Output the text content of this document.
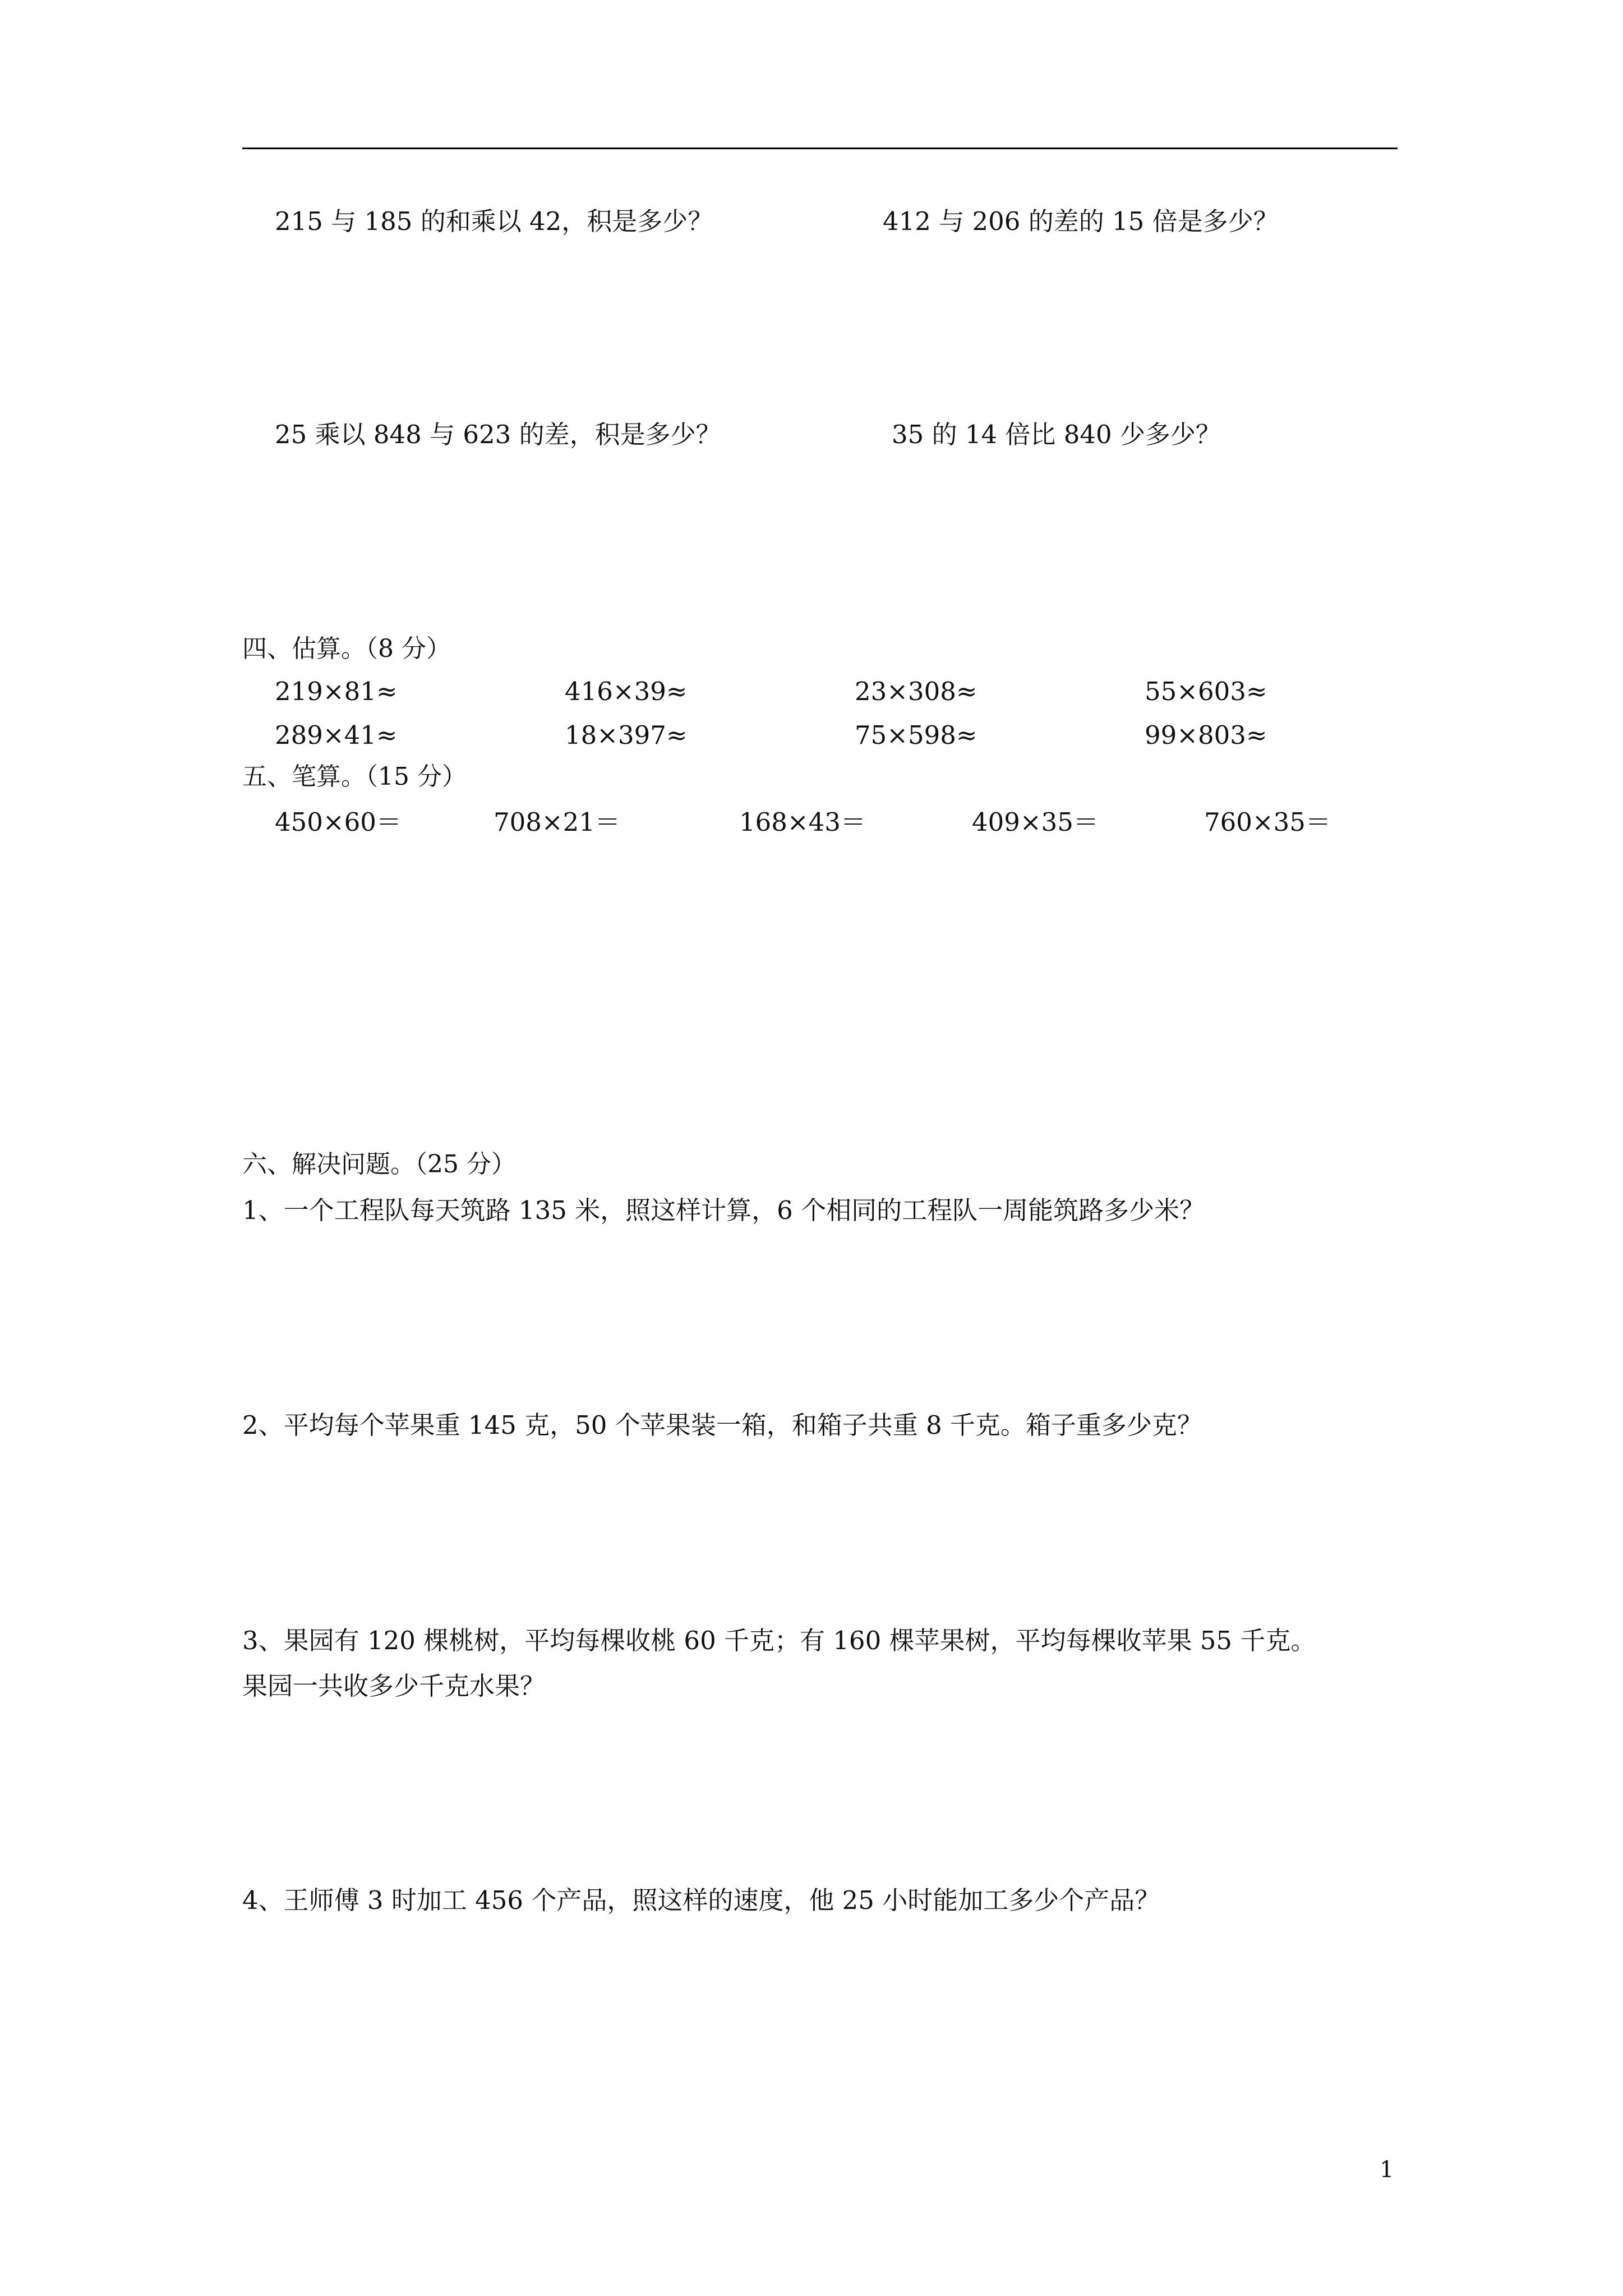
215 与 185 的和乘以 42，积是多少？	412 与 206 的差的 15 倍是多少？
25 乘以 848 与 623 的差，积是多少？	35 的 14 倍比 840 少多少？
四、估算。（8 分）
219×81≈	416×39≈	23×308≈	55×603≈
289×41≈	18×397≈	75×598≈	99×803≈
五、笔算。（15 分）
450×60＝	708×21＝	168×43＝	409×35＝	760×35＝
六、解决问题。（25 分）
1、一个工程队每天筑路 135 米，照这样计算，6 个相同的工程队一周能筑路多少米？
2、平均每个苹果重 145 克，50 个苹果装一箱，和箱子共重 8 千克。箱子重多少克？
3、果园有 120 棵桃树，平均每棵收桃 60 千克；有 160 棵苹果树，平均每棵收苹果 55 千克。
果园一共收多少千克水果？
4、王师傅 3 时加工 456 个产品，照这样的速度，他 25 小时能加工多少个产品？
1
